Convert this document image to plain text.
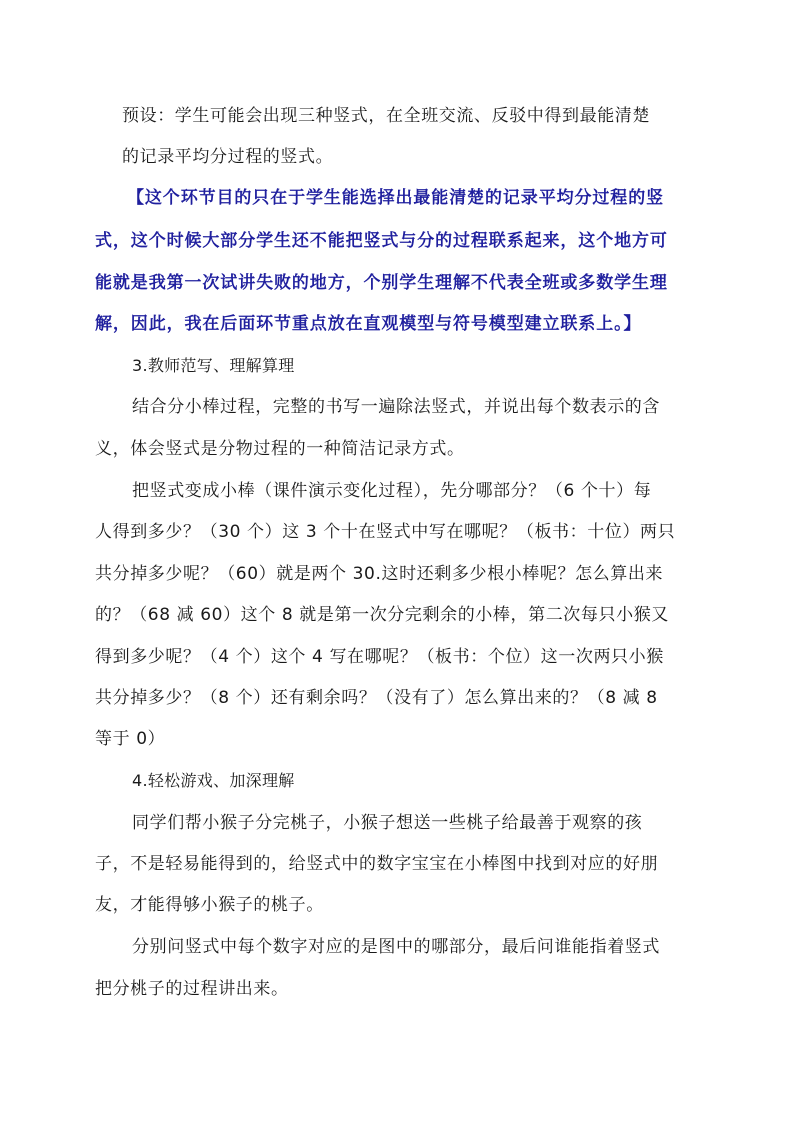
预设：学生可能会出现三种竖式，在全班交流、反驳中得到最能清楚
的记录平均分过程的竖式。
【这个环节目的只在于学生能选择出最能清楚的记录平均分过程的竖
式，这个时候大部分学生还不能把竖式与分的过程联系起来，这个地方可
能就是我第一次试讲失败的地方，个别学生理解不代表全班或多数学生理
解，因此，我在后面环节重点放在直观模型与符号模型建立联系上。】
3.教师范写、理解算理
结合分小棒过程，完整的书写一遍除法竖式，并说出每个数表示的含
义，体会竖式是分物过程的一种简洁记录方式。
把竖式变成小棒（课件演示变化过程），先分哪部分？（6 个十）每
人得到多少？（30 个）这 3 个十在竖式中写在哪呢？（板书：十位）两只
共分掉多少呢？（60）就是两个 30.这时还剩多少根小棒呢？怎么算出来
的？（68 减 60）这个 8 就是第一次分完剩余的小棒，第二次每只小猴又
得到多少呢？（4 个）这个 4 写在哪呢？（板书：个位）这一次两只小猴
共分掉多少？（8 个）还有剩余吗？（没有了）怎么算出来的？（8 减 8
等于 0）
4.轻松游戏、加深理解
同学们帮小猴子分完桃子，小猴子想送一些桃子给最善于观察的孩
子，不是轻易能得到的，给竖式中的数字宝宝在小棒图中找到对应的好朋
友，才能得够小猴子的桃子。
分别问竖式中每个数字对应的是图中的哪部分，最后问谁能指着竖式
把分桃子的过程讲出来。
